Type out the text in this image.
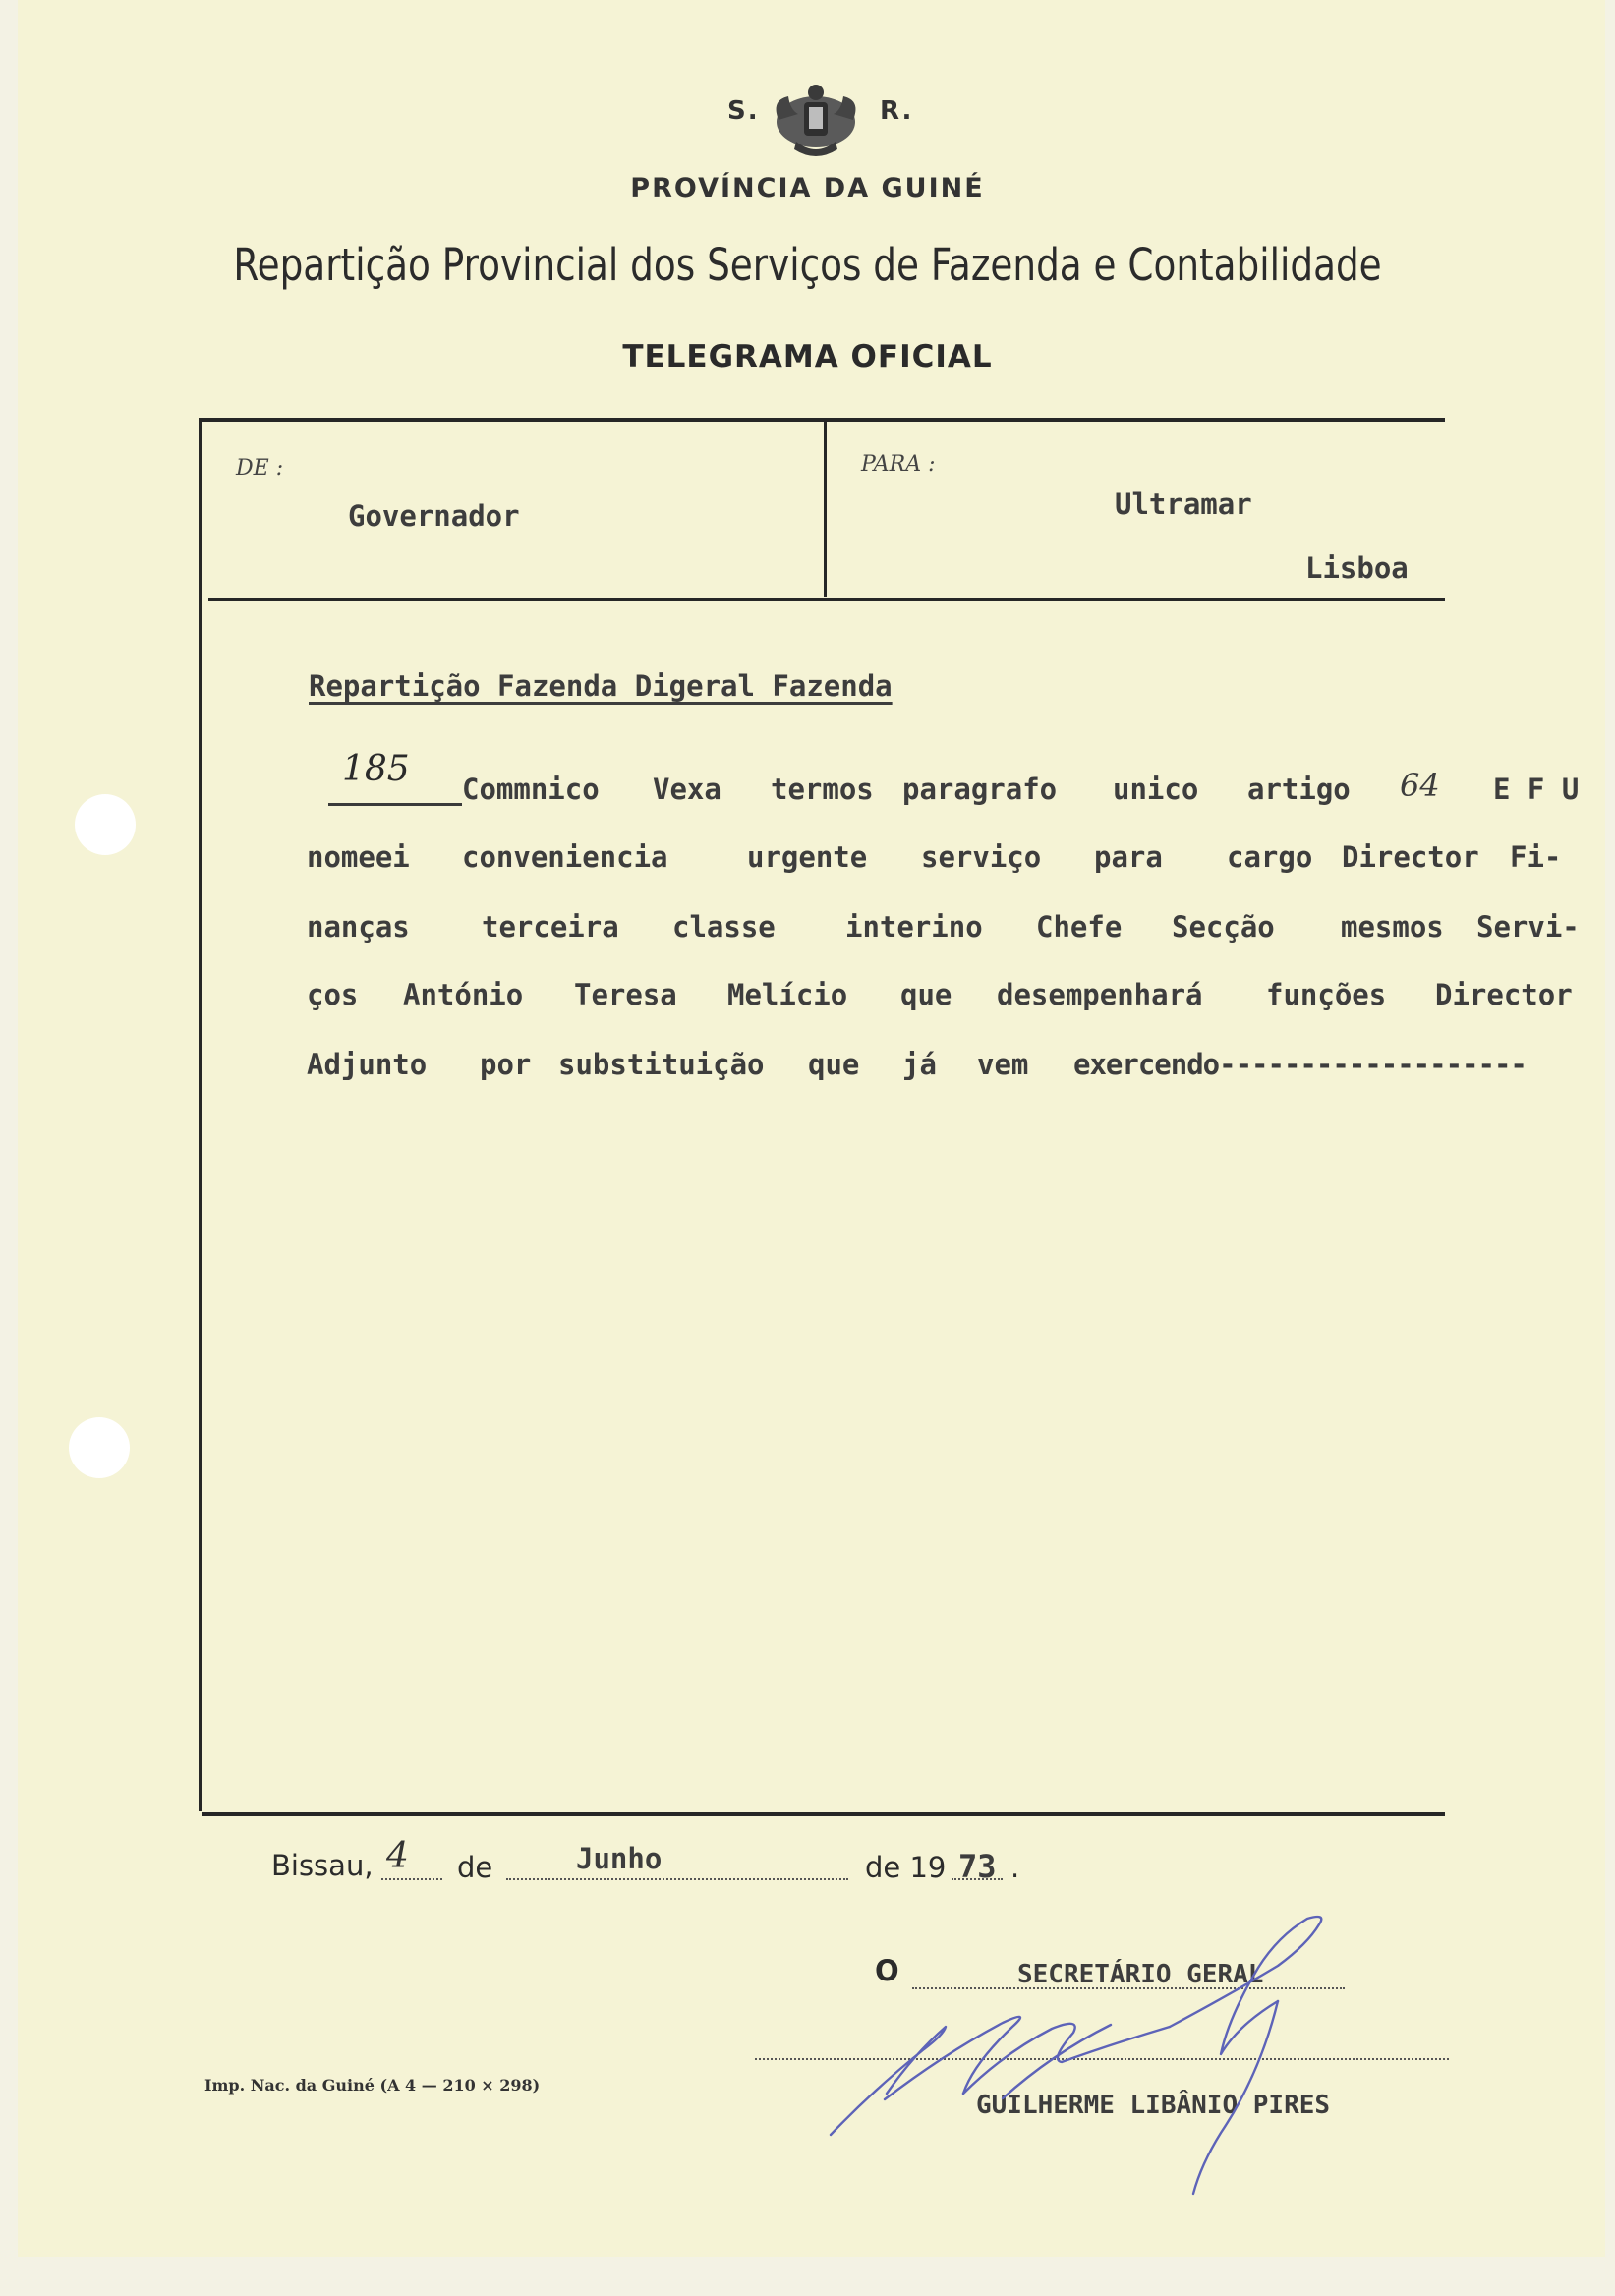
S.	R.
PROVÍNCIA DA GUINÉ
Repartição Provincial dos Serviços de Fazenda e Contabilidade
TELEGRAMA OFICIAL
DE :
Governador
PARA :
Ultramar
Lisboa
Repartição Fazenda Digeral Fazenda
185 Commnico Vexa termos paragrafo unico artigo 64 E F U
nomeei conveniencia	urgente serviço para cargo Director Fi-
nanças	terceira classe interino Chefe Secção mesmos Servi-
ços António Teresa Melício que desempenhará funções Director
Adjunto por substituição que já vem exercendo-------------------
Bissau, 4 de	Junho	de 19 73 .
O	SECRETÁRIO GERAL
GUILHERME LIBÂNIO PIRES
Imp. Nac. da Guiné (A 4 — 210 × 298)
